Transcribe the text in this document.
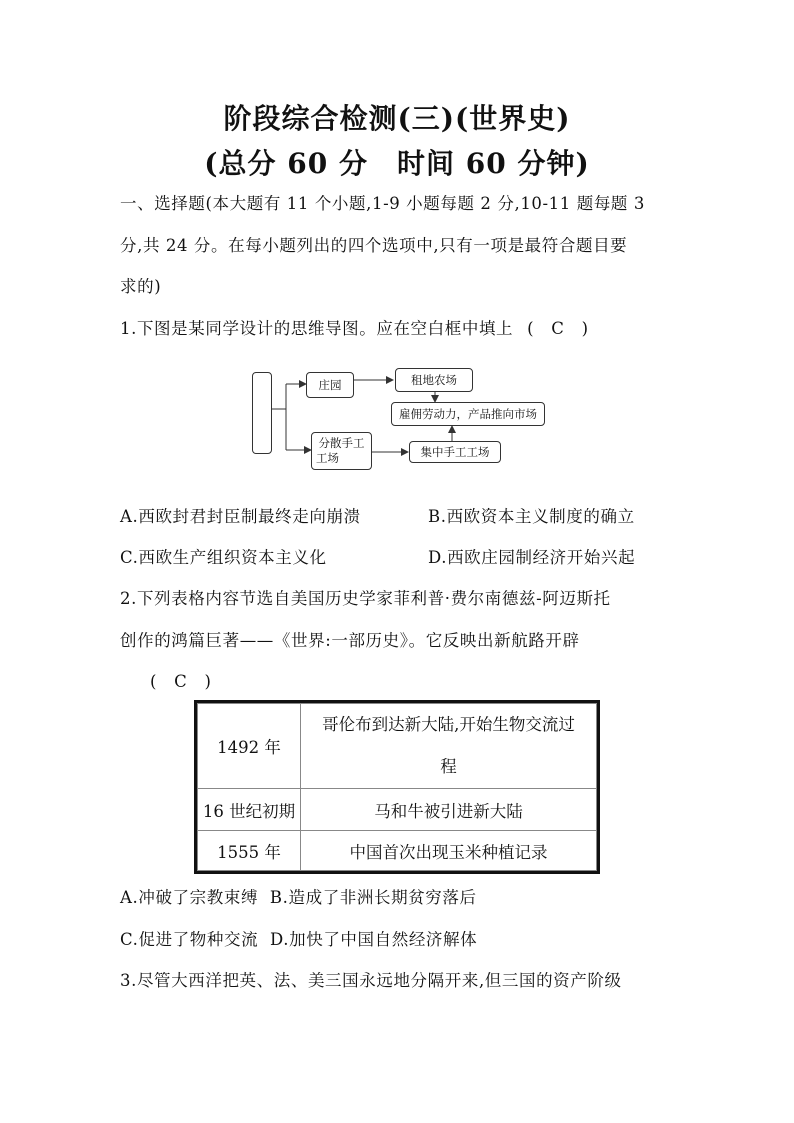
阶段综合检测(三)(世界史)
(总分 60 分　时间 60 分钟)
一、选择题(本大题有 11 个小题,1-9 小题每题 2 分,10-11 题每题 3
分,共 24 分。在每小题列出的四个选项中,只有一项是最符合题目要
求的)
1.下图是某同学设计的思维导图。应在空白框中填上 (　C　)
庄园	租地农场
雇佣劳动力，产品推向市场
分散手工
工场	集中手工工场
A.西欧封君封臣制最终走向崩溃	B.西欧资本主义制度的确立
C.西欧生产组织资本主义化	D.西欧庄园制经济开始兴起
2.下列表格内容节选自美国历史学家菲利普·费尔南德兹-阿迈斯托
创作的鸿篇巨著——《世界:一部历史》。它反映出新航路开辟
(　C　)
1492 年	哥伦布到达新大陆,开始生物交流过
程

16 世纪初期	马和牛被引进新大陆
1555 年	中国首次出现玉米种植记录
A.冲破了宗教束缚 B.造成了非洲长期贫穷落后
C.促进了物种交流 D.加快了中国自然经济解体
3.尽管大西洋把英、法、美三国永远地分隔开来,但三国的资产阶级
